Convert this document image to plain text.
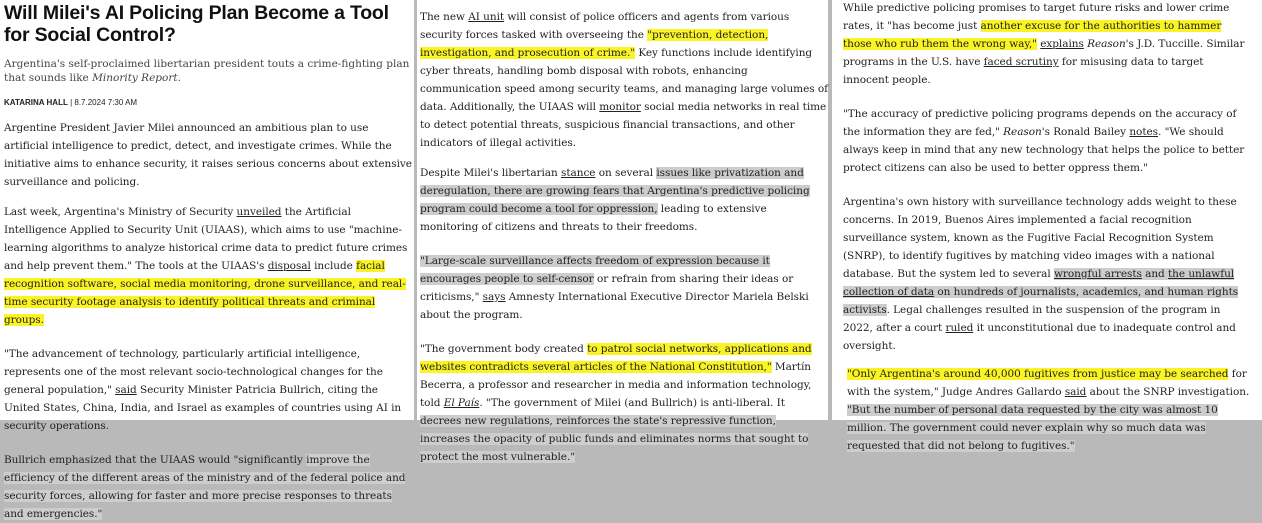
Will Milei's AI Policing Plan Become a Tool for Social Control?
Argentina's self-proclaimed libertarian president touts a crime-fighting plan that sounds like Minority Report.
KATARINA HALL | 8.7.2024 7:30 AM

Argentine President Javier Milei announced an ambitious plan to use artificial intelligence to predict, detect, and investigate crimes. While the initiative aims to enhance security, it raises serious concerns about extensive surveillance and policing.

Last week, Argentina's Ministry of Security unveiled the Artificial Intelligence Applied to Security Unit (UIAAS), which aims to use "machine-learning algorithms to analyze historical crime data to predict future crimes and help prevent them." The tools at the UIAAS's disposal include facial recognition software, social media monitoring, drone surveillance, and real-time security footage analysis to identify political threats and criminal groups.

"The advancement of technology, particularly artificial intelligence, represents one of the most relevant socio-technological changes for the general population," said Security Minister Patricia Bullrich, citing the United States, China, India, and Israel as examples of countries using AI in security operations.

Bullrich emphasized that the UIAAS would "significantly improve the efficiency of the different areas of the ministry and of the federal police and security forces, allowing for faster and more precise responses to threats and emergencies."

The new AI unit will consist of police officers and agents from various security forces tasked with overseeing the "prevention, detection, investigation, and prosecution of crime." Key functions include identifying cyber threats, handling bomb disposal with robots, enhancing communication speed among security teams, and managing large volumes of data. Additionally, the UIAAS will monitor social media networks in real time to detect potential threats, suspicious financial transactions, and other indicators of illegal activities.

Despite Milei's libertarian stance on several issues like privatization and deregulation, there are growing fears that Argentina's predictive policing program could become a tool for oppression, leading to extensive monitoring of citizens and threats to their freedoms.

"Large-scale surveillance affects freedom of expression because it encourages people to self-censor or refrain from sharing their ideas or criticisms," says Amnesty International Executive Director Mariela Belski about the program.

"The government body created to patrol social networks, applications and websites contradicts several articles of the National Constitution," Martín Becerra, a professor and researcher in media and information technology, told El País. "The government of Milei (and Bullrich) is anti-liberal. It decrees new regulations, reinforces the state's repressive function, increases the opacity of public funds and eliminates norms that sought to protect the most vulnerable."

While predictive policing promises to target future risks and lower crime rates, it "has become just another excuse for the authorities to hammer those who rub them the wrong way," explains Reason's J.D. Tuccille. Similar programs in the U.S. have faced scrutiny for misusing data to target innocent people.

"The accuracy of predictive policing programs depends on the accuracy of the information they are fed," Reason's Ronald Bailey notes. "We should always keep in mind that any new technology that helps the police to better protect citizens can also be used to better oppress them."

Argentina's own history with surveillance technology adds weight to these concerns. In 2019, Buenos Aires implemented a facial recognition surveillance system, known as the Fugitive Facial Recognition System (SNRP), to identify fugitives by matching video images with a national database. But the system led to several wrongful arrests and the unlawful collection of data on hundreds of journalists, academics, and human rights activists. Legal challenges resulted in the suspension of the program in 2022, after a court ruled it unconstitutional due to inadequate control and oversight.

"Only Argentina's around 40,000 fugitives from justice may be searched for with the system," Judge Andres Gallardo said about the SNRP investigation. "But the number of personal data requested by the city was almost 10 million. The government could never explain why so much data was requested that did not belong to fugitives."
